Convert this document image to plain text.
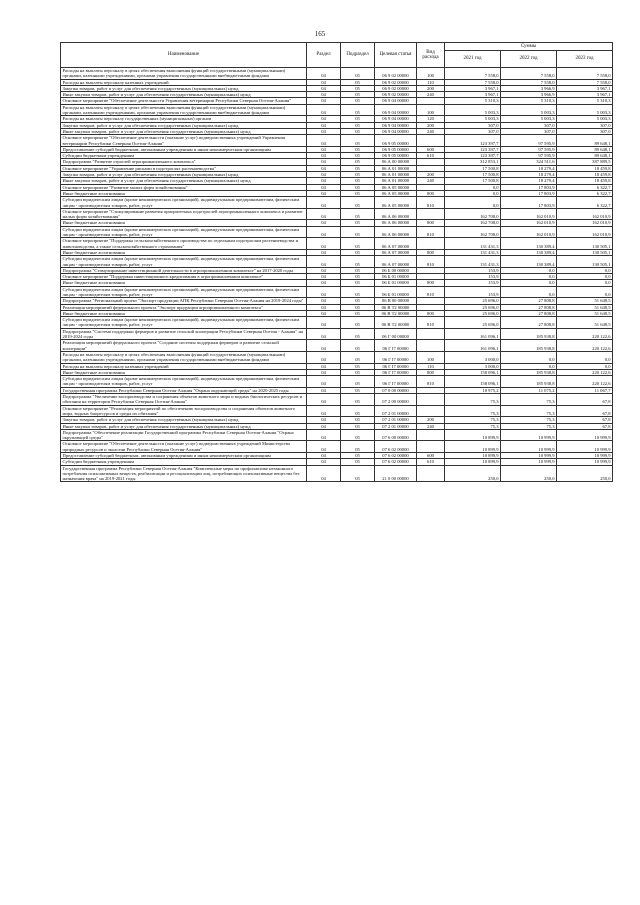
165
Наименование	Раздел	Подраздел	Целевая статья	Вид расхода	Суммы		
					2021 год	2022 год	2023 год
Расходы на выплаты персоналу в целях обеспечения выполнения функций государственными (муниципальными) органами, казенными учреждениями, органами управления государственными внебюджетными фондами	04	05	06 9 02 00000	100	7 558,0	7 558,0	7 558,0
Расходы на выплаты персоналу казенных учреждений	04	05	06 9 02 00000	110	7 558,0	7 558,0	7 558,0
Закупка товаров, работ и услуг для обеспечения государственных (муниципальных) нужд	04	05	06 9 02 00000	200	3 967,1	3 966,9	3 967,1
Иные закупки товаров, работ и услуг для обеспечения государственных (муниципальных) нужд	04	05	06 9 02 00000	240	3 967,1	3 966,9	3 967,1
Основное мероприятие "Обеспечение деятельности Управления ветеринарии Республики Северная Осетия-Алания"	04	05	06 9 04 00000		5 310,3	5 310,3	5 310,3
Расходы на выплаты персоналу в целях обеспечения выполнения функций государственными (муниципальными) органами, казенными учреждениями, органами управления государственными внебюджетными фондами	04	05	06 9 04 00000	100	5 003,3	5 003,3	5 003,3
Расходы на выплаты персоналу государственных (муниципальных) органов	04	05	06 9 04 00000	120	5 003,3	5 003,3	5 003,3
Закупка товаров, работ и услуг для обеспечения государственных (муниципальных) нужд	04	05	06 9 04 00000	200	307,0	307,0	307,0
Иные закупки товаров, работ и услуг для обеспечения государственных (муниципальных) нужд	04	05	06 9 04 00000	240	307,0	307,0	307,0
Основное мероприятие "Обеспечение деятельности (оказание услуг) подведомственных учреждений Управления ветеринарии Республики Северная Осетия-Алания"	04	05	06 9 05 00000		123 397,7	97 595,9	89 648,1
Предоставление субсидий бюджетным, автономным учреждениям и иным некоммерческим организациям	04	05	06 9 05 00000	600	123 397,7	97 595,9	89 648,1
Субсидии бюджетным учреждениям	04	05	06 9 05 00000	610	123 397,7	97 595,9	89 648,1
Подпрограмма "Развитие отраслей агропромышленного комплекса"	04	05	06 А 00 00000		312 853,1	324 511,6	387 889,5
Основное мероприятие "Управление рисками в подотраслях растениеводства"	04	05	06 А 01 00000		17 500,8	18 279,4	18 459,8
Закупка товаров, работ и услуг для обеспечения государственных (муниципальных) нужд	04	05	06 А 01 00000	200	17 500,8	18 279,4	18 459,8
Иные закупки товаров, работ и услуг для обеспечения государственных (муниципальных) нужд	04	05	06 А 01 00000	240	17 500,8	18 279,4	18 459,8
Основное мероприятие "Развитие малых форм хозяйствования"	04	05	06 А 05 00000		0,0	17 803,9	6 322,7
Иные бюджетные ассигнования	04	05	06 А 05 00000	800	0,0	17 803,9	6 322,7
Субсидии юридическим лицам (кроме некоммерческих организаций), индивидуальным предпринимателям, физическим лицам - производителям товаров, работ, услуг	04	05	06 А 05 00000	810	0,0	17 803,9	6 322,7
Основное мероприятие "Стимулирование развития приоритетных подотраслей агропромышленного комплекса и развитие малых форм хозяйствования"	04	05	06 А 06 00000		162 708,0	162 010,9	162 010,9
Иные бюджетные ассигнования	04	05	06 А 06 00000	800	162 708,0	162 010,9	162 010,9
Субсидии юридическим лицам (кроме некоммерческих организаций), индивидуальным предпринимателям, физическим лицам - производителям товаров, работ, услуг	04	05	06 А 06 00000	810	162 708,0	162 010,9	162 010,9
Основное мероприятие "Поддержка сельскохозяйственного производства по отдельным подотраслям растениеводства и животноводства, а также сельскохозяйственного страхования"	04	05	06 А 07 00000		131 431,3	130 389,4	130 505,1
Иные бюджетные ассигнования	04	05	06 А 07 00000	800	131 431,3	130 389,4	130 505,1
Субсидии юридическим лицам (кроме некоммерческих организаций), индивидуальным предпринимателям, физическим лицам - производителям товаров, работ, услуг	04	05	06 А 07 00000	810	131 431,3	130 389,4	130 505,1
Подпрограмма "Стимулирование инвестиционной деятельности в агропромышленном комплексе" на 2017-2020 годы	04	05	06 Б 00 00000		153,9	0,0	0,0
Основное мероприятие "Поддержка инвестиционного кредитования в агропромышленном комплексе"	04	05	06 Б 01 00000		153,9	0,0	0,0
Иные бюджетные ассигнования	04	05	06 Б 01 00000	800	153,9	0,0	0,0
Субсидии юридическим лицам (кроме некоммерческих организаций), индивидуальным предпринимателям, физическим лицам - производителям товаров, работ, услуг	04	05	06 Б 01 00000	810	153,9	0,0	0,0
Подпрограмма "Региональный проект "Экспорт продукции АПК Республики Северная Осетия-Алания на 2019-2024 годы"	04	05	06 В 00 00000		25 696,0	27 808,8	51 648,5
Реализация мероприятий федерального проекта "Экспорт продукции агропромышленного комплекса"	04	05	06 В Т2 00000		25 696,0	27 808,8	51 648,5
Иные бюджетные ассигнования	04	05	06 В Т2 00000	800	25 696,0	27 808,8	51 648,5
Субсидии юридическим лицам (кроме некоммерческих организаций), индивидуальным предпринимателям, физическим лицам - производителям товаров, работ, услуг	04	05	06 В Т2 00000	810	25 696,0	27 808,8	51 648,5
Подпрограмма "Система поддержки фермеров и развитие сельской кооперации Республики Северная Осетия - Алания" на 2019-2024 годы	04	05	06 Г 00 00000		161 096,1	185 938,8	220 122,6
Реализация мероприятий федерального проекта "Создание системы поддержки фермеров и развитие сельской кооперации"	04	05	06 Г I7 00000		161 096,1	185 938,8	220 122,6
Расходы на выплаты персоналу в целях обеспечения выполнения функций государственными (муниципальными) органами, казенными учреждениями, органами управления государственными внебюджетными фондами	04	05	06 Г I7 00000	100	3 000,0	0,0	0,0
Расходы на выплаты персоналу казенных учреждений	04	05	06 Г I7 00000	110	3 000,0	0,0	0,0
Иные бюджетные ассигнования	04	05	06 Г I7 00000	800	158 096,1	185 938,8	220 122,6
Субсидии юридическим лицам (кроме некоммерческих организаций), индивидуальным предпринимателям, физическим лицам - производителям товаров, работ, услуг	04	05	06 Г I7 00000	810	158 096,1	185 938,8	220 122,6
Государственная программа Республики Северная Осетия-Алания "Охрана окружающей среды" на 2020-2025 годы	04	05	07 0 00 00000		10 975,2	11 075,2	11 067,7
Подпрограмма "Увеличение воспроизводства и сохранения объектов животного мира и водных биологических ресурсов и обитания на территории Республики Северная Осетия-Алания"	04	05	07 2 00 00000		75,3	75,3	67,8
Основное мероприятие "Реализация мероприятий по обеспечению воспроизводства и сохранения объектов животного мира, водных биоресурсов и среды их обитания"	04	05	07 2 01 00000		75,3	75,3	67,8
Закупка товаров, работ и услуг для обеспечения государственных (муниципальных) нужд	04	05	07 2 01 00000	200	75,3	75,3	67,8
Иные закупки товаров, работ и услуг для обеспечения государственных (муниципальных) нужд	04	05	07 2 01 00000	240	75,3	75,3	67,8
Подпрограмма "Обеспечение реализации Государственной программы Республики Северная Осетия-Алания "Охрана окружающей среды"	04	05	07 6 00 00000		10 899,9	10 999,9	10 999,9
Основное мероприятие "Обеспечение деятельности (оказание услуг) подведомственных учреждений Министерства природных ресурсов и экологии Республики Северная Осетия-Алания"	04	05	07 6 02 00000		10 899,9	10 999,9	10 999,9
Предоставление субсидий бюджетным, автономным учреждениям и иным некоммерческим организациям	04	05	07 6 02 00000	600	10 899,9	10 999,9	10 999,9
Субсидии бюджетным учреждениям	04	05	07 6 02 00000	610	10 899,9	10 999,9	10 999,9
Государственная программа Республики Северная Осетия-Алания "Комплексные меры по профилактике незаконного потребления психоактивных веществ, реабилитации и ресоциализации лиц, потребляющих психоактивные вещества без назначения врача" на 2019-2021 годы	04	05	21 0 00 00000		250,0	250,0	250,0
